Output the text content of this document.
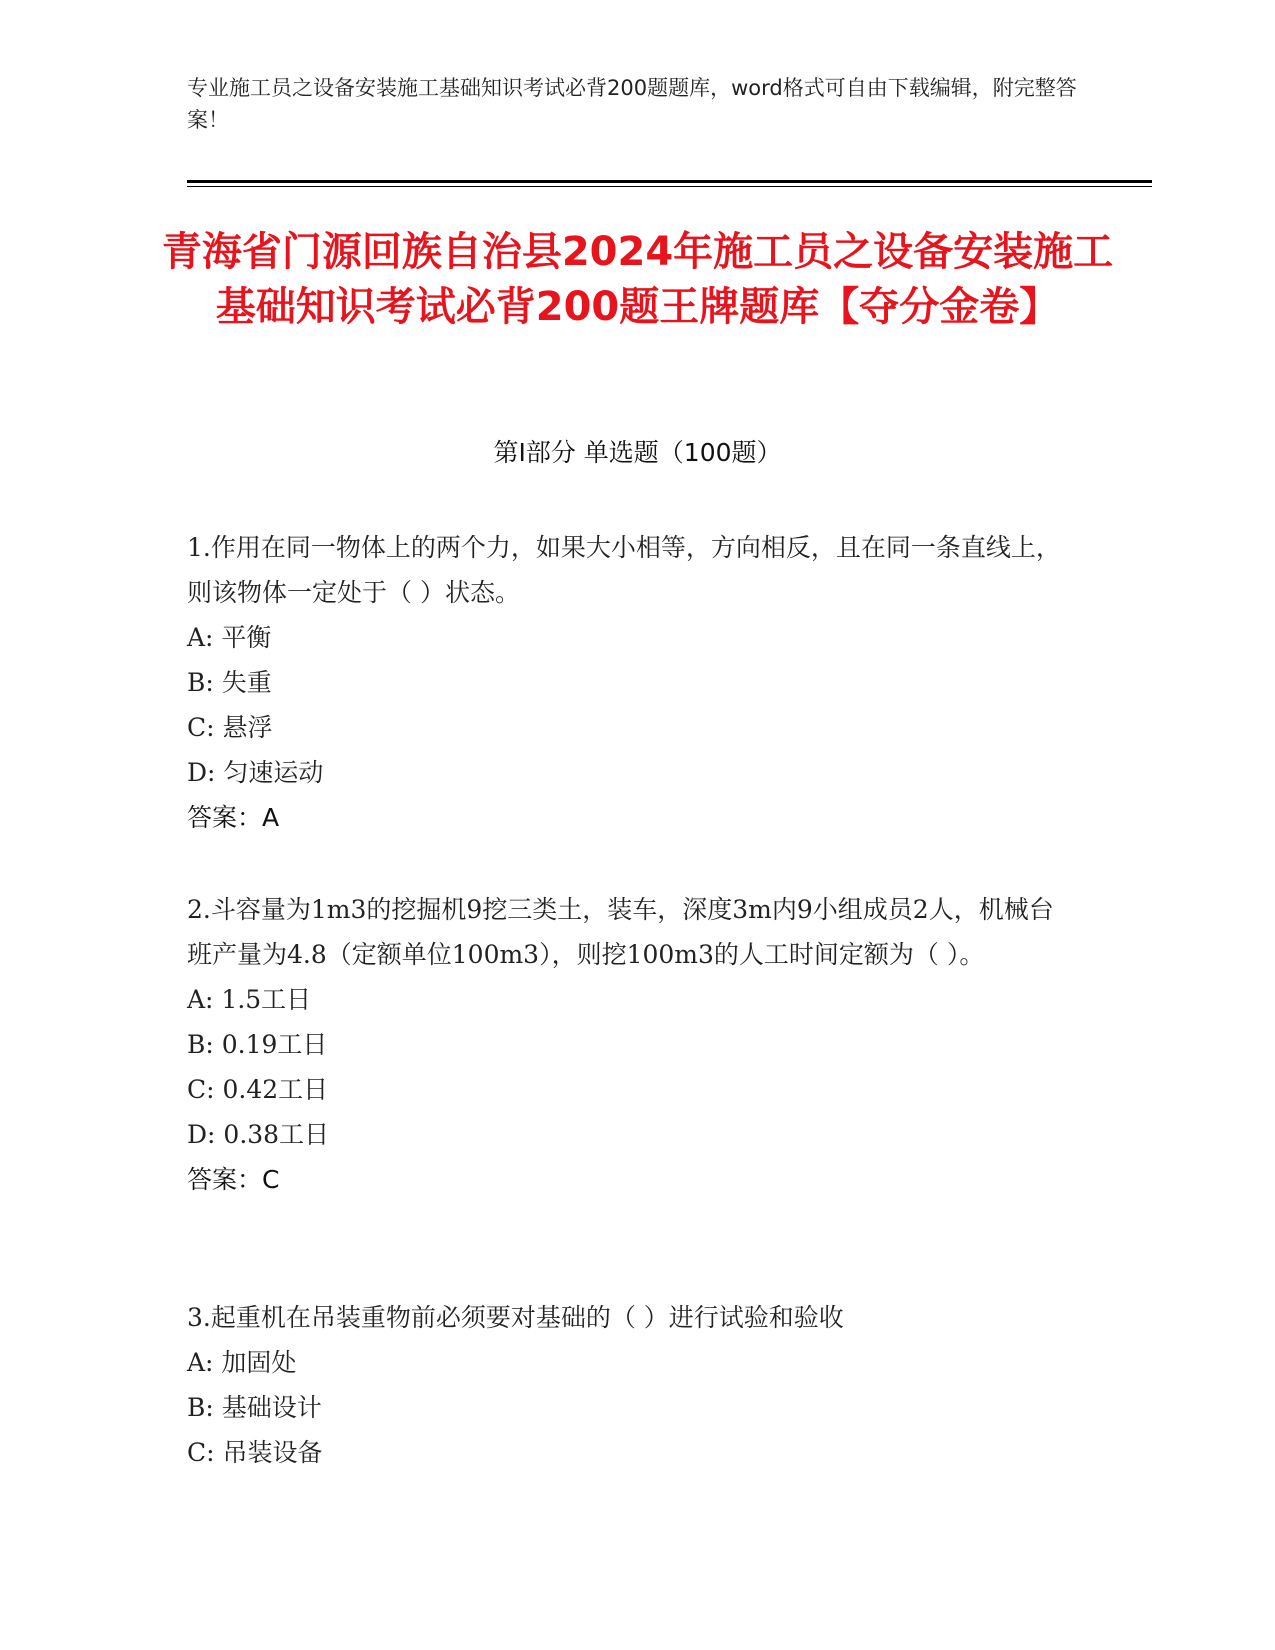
专业施工员之设备安装施工基础知识考试必背200题题库，word格式可自由下载编辑，附完整答案！
青海省门源回族自治县2024年施工员之设备安装施工基础知识考试必背200题王牌题库【夺分金卷】
第Ⅰ部分 单选题（100题）
1.作用在同一物体上的两个力，如果大小相等，方向相反，且在同一条直线上，则该物体一定处于（ ）状态。
A: 平衡
B: 失重
C: 悬浮
D: 匀速运动
答案：A
2.斗容量为1m3的挖掘机9挖三类土，装车，深度3m内9小组成员2人，机械台班产量为4.8（定额单位100m3），则挖100m3的人工时间定额为（ ）。
A: 1.5工日
B: 0.19工日
C: 0.42工日
D: 0.38工日
答案：C
3.起重机在吊装重物前必须要对基础的（ ）进行试验和验收
A: 加固处
B: 基础设计
C: 吊装设备
